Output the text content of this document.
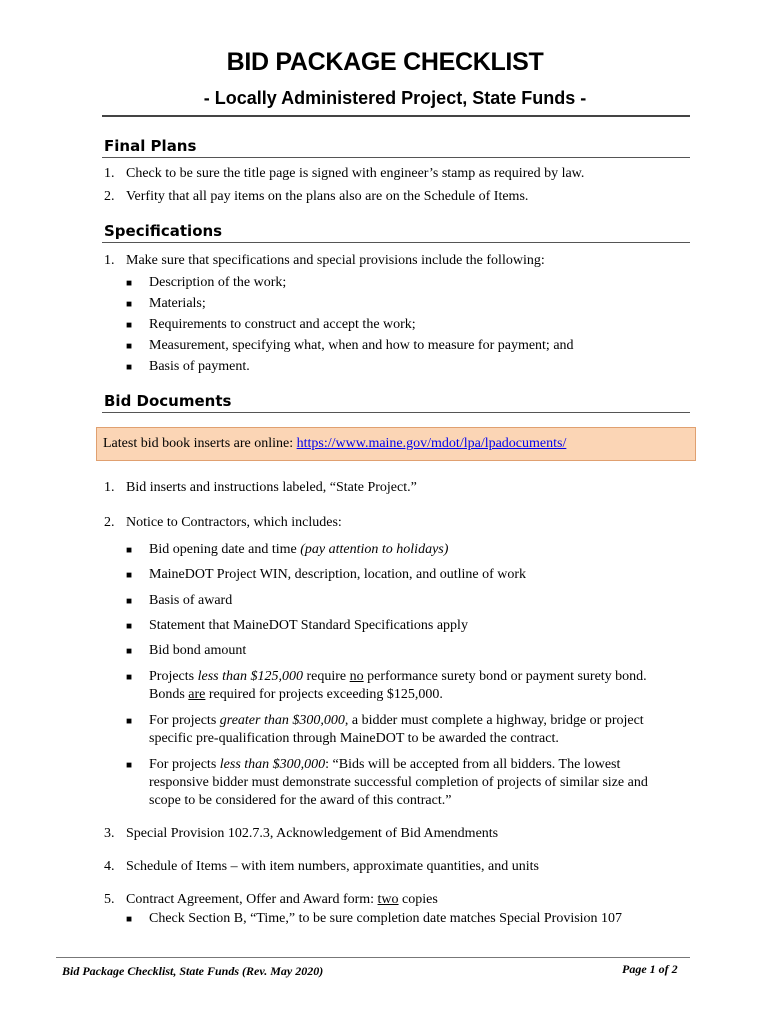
BID PACKAGE CHECKLIST
- Locally Administered Project, State Funds -
Final Plans
1. Check to be sure the title page is signed with engineer’s stamp as required by law.
2. Verfity that all pay items on the plans also are on the Schedule of Items.
Specifications
1. Make sure that specifications and special provisions include the following:
■ Description of the work;
■ Materials;
■ Requirements to construct and accept the work;
■ Measurement, specifying what, when and how to measure for payment; and
■ Basis of payment.
Bid Documents
Latest bid book inserts are online: https://www.maine.gov/mdot/lpa/lpadocuments/
1. Bid inserts and instructions labeled, “State Project.”
2. Notice to Contractors, which includes:
■ Bid opening date and time (pay attention to holidays)
■ MaineDOT Project WIN, description, location, and outline of work
■ Basis of award
■ Statement that MaineDOT Standard Specifications apply
■ Bid bond amount
■ Projects less than $125,000 require no performance surety bond or payment surety bond.
Bonds are required for projects exceeding $125,000.
■ For projects greater than $300,000, a bidder must complete a highway, bridge or project
specific pre-qualification through MaineDOT to be awarded the contract.
■ For projects less than $300,000: “Bids will be accepted from all bidders. The lowest
responsive bidder must demonstrate successful completion of projects of similar size and
scope to be considered for the award of this contract.”
3. Special Provision 102.7.3, Acknowledgement of Bid Amendments
4. Schedule of Items – with item numbers, approximate quantities, and units
5. Contract Agreement, Offer and Award form: two copies
■ Check Section B, “Time,” to be sure completion date matches Special Provision 107
Bid Package Checklist, State Funds (Rev. May 2020)	Page 1 of 2
